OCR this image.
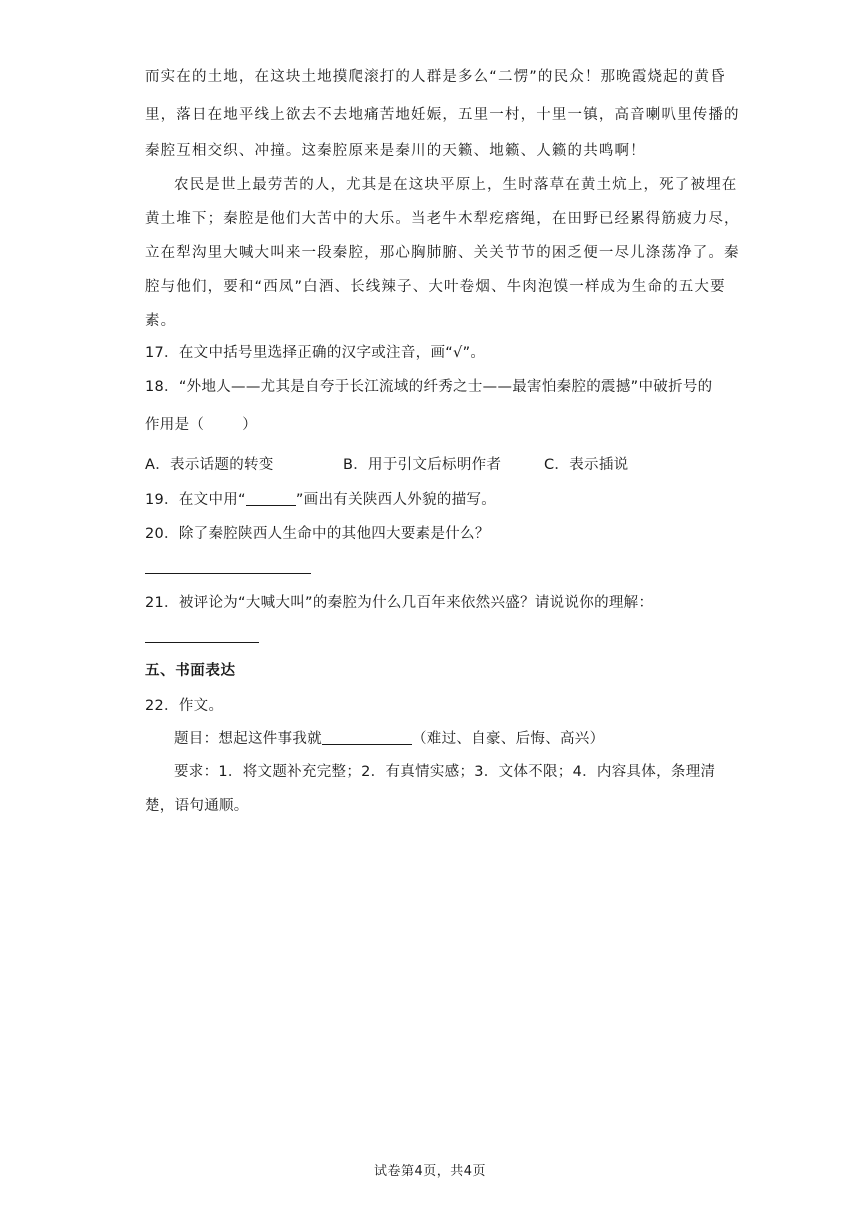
而实在的土地，在这块土地摸爬滚打的人群是多么“二愣”的民众！那晚霞烧起的黄昏
里，落日在地平线上欲去不去地痛苦地妊娠，五里一村，十里一镇，高音喇叭里传播的
秦腔互相交织、冲撞。这秦腔原来是秦川的天籁、地籁、人籁的共鸣啊！
农民是世上最劳苦的人，尤其是在这块平原上，生时落草在黄土炕上，死了被埋在
黄土堆下；秦腔是他们大苦中的大乐。当老牛木犁疙瘩绳，在田野已经累得筋疲力尽，
立在犁沟里大喊大叫来一段秦腔，那心胸肺腑、关关节节的困乏便一尽儿涤荡净了。秦
腔与他们，要和“西凤”白酒、长线辣子、大叶卷烟、牛肉泡馍一样成为生命的五大要
素。
17．在文中括号里选择正确的汉字或注音，画“√”。
18．“外地人——尤其是自夸于长江流域的纤秀之士——最害怕秦腔的震撼”中破折号的
作用是（	）
A．表示话题的转变	B．用于引文后标明作者	C．表示插说
19．在文中用“	”画出有关陕西人外貌的描写。
20．除了秦腔陕西人生命中的其他四大要素是什么？
21．被评论为“大喊大叫”的秦腔为什么几百年来依然兴盛？请说说你的理解：
五、书面表达
22．作文。
题目：想起这件事我就	（难过、自豪、后悔、高兴）
要求：1．将文题补充完整；2．有真情实感；3．文体不限；4．内容具体，条理清
楚，语句通顺。
试卷第4页，共4页
